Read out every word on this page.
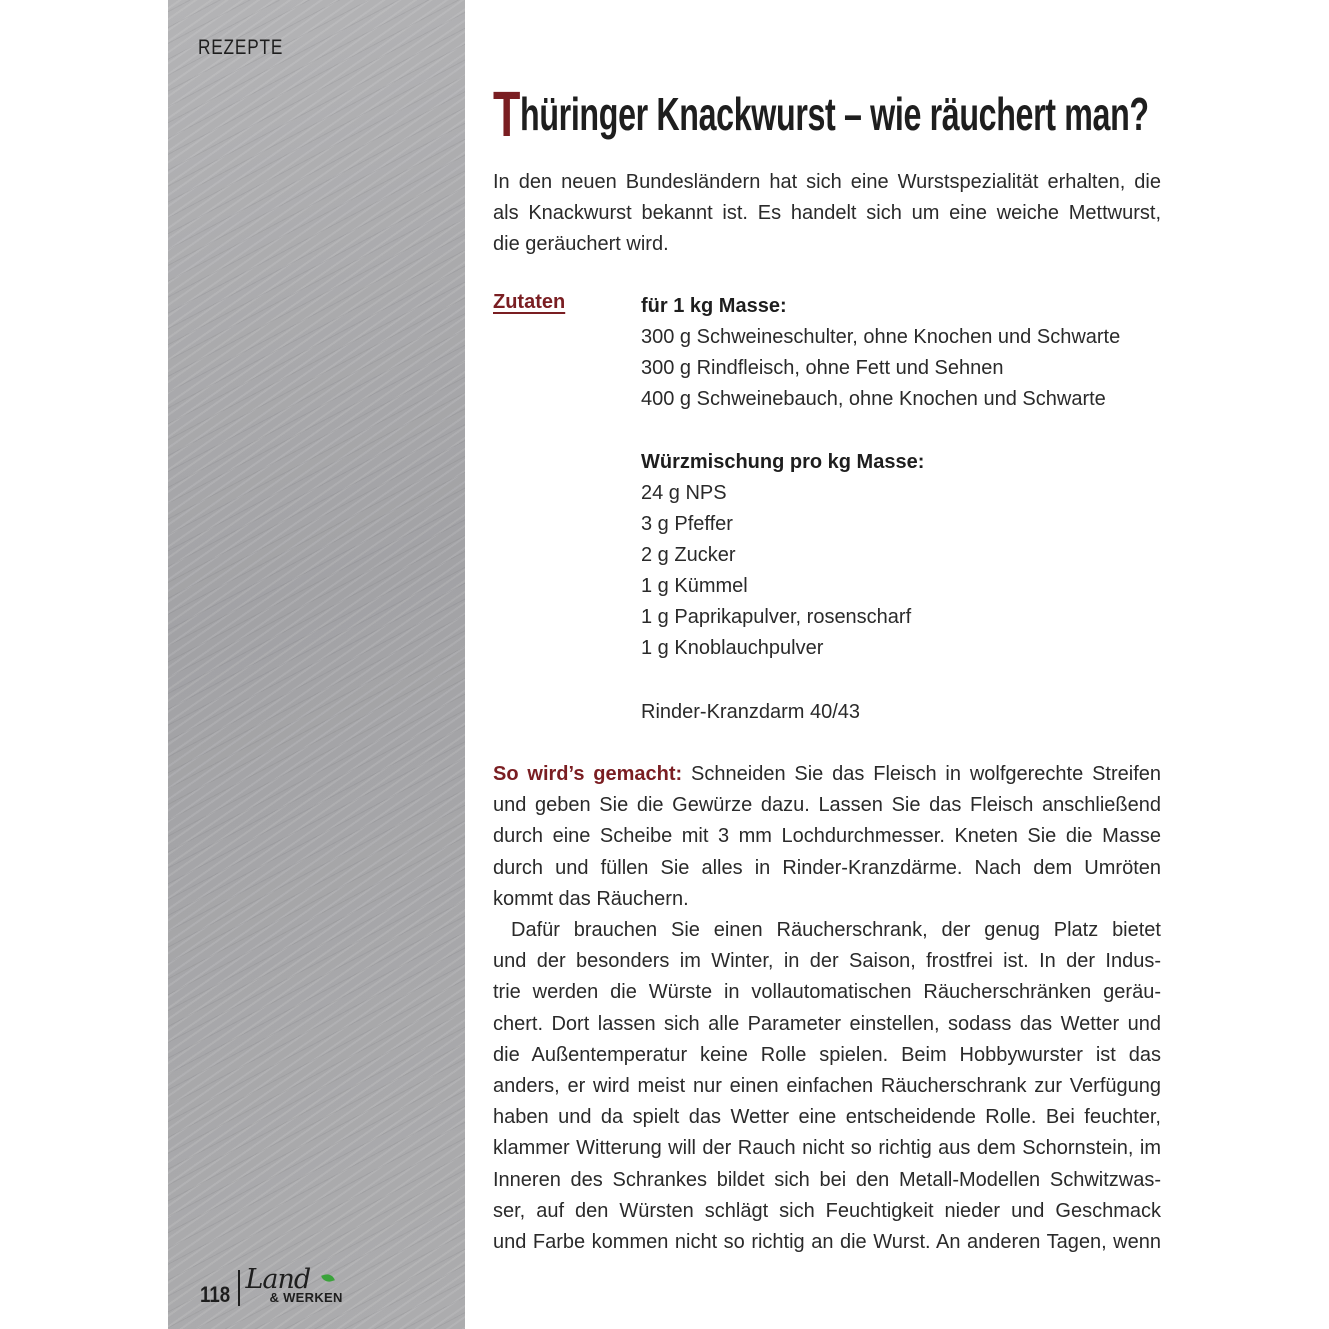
REZEPTE
118 Land
& WERKEN
Thüringer Knackwurst – wie räuchert man?
In den neuen Bundesländern hat sich eine Wurstspezialität erhalten, die
als Knackwurst bekannt ist. Es handelt sich um eine weiche Mettwurst,
die geräuchert wird.
Zutaten	für 1 kg Masse:
300 g Schweineschulter, ohne Knochen und Schwarte
300 g Rindfleisch, ohne Fett und Sehnen
400 g Schweinebauch, ohne Knochen und Schwarte
Würzmischung pro kg Masse:
24 g NPS
3 g Pfeffer
2 g Zucker
1 g Kümmel
1 g Paprikapulver, rosenscharf
1 g Knoblauchpulver
Rinder-Kranzdarm 40/43
So wird’s gemacht: Schneiden Sie das Fleisch in wolfgerechte Streifen
und geben Sie die Gewürze dazu. Lassen Sie das Fleisch anschließend
durch eine Scheibe mit 3 mm Lochdurchmesser. Kneten Sie die Masse
durch und füllen Sie alles in Rinder-Kranzdärme. Nach dem Umröten
kommt das Räuchern.
Dafür brauchen Sie einen Räucherschrank, der genug Platz bietet
und der besonders im Winter, in der Saison, frostfrei ist. In der Indus-
trie werden die Würste in vollautomatischen Räucherschränken geräu-
chert. Dort lassen sich alle Parameter einstellen, sodass das Wetter und
die Außentemperatur keine Rolle spielen. Beim Hobbywurster ist das
anders, er wird meist nur einen einfachen Räucherschrank zur Verfügung
haben und da spielt das Wetter eine entscheidende Rolle. Bei feuchter,
klammer Witterung will der Rauch nicht so richtig aus dem Schornstein, im
Inneren des Schrankes bildet sich bei den Metall-Modellen Schwitzwas-
ser, auf den Würsten schlägt sich Feuchtigkeit nieder und Geschmack
und Farbe kommen nicht so richtig an die Wurst. An anderen Tagen, wenn
